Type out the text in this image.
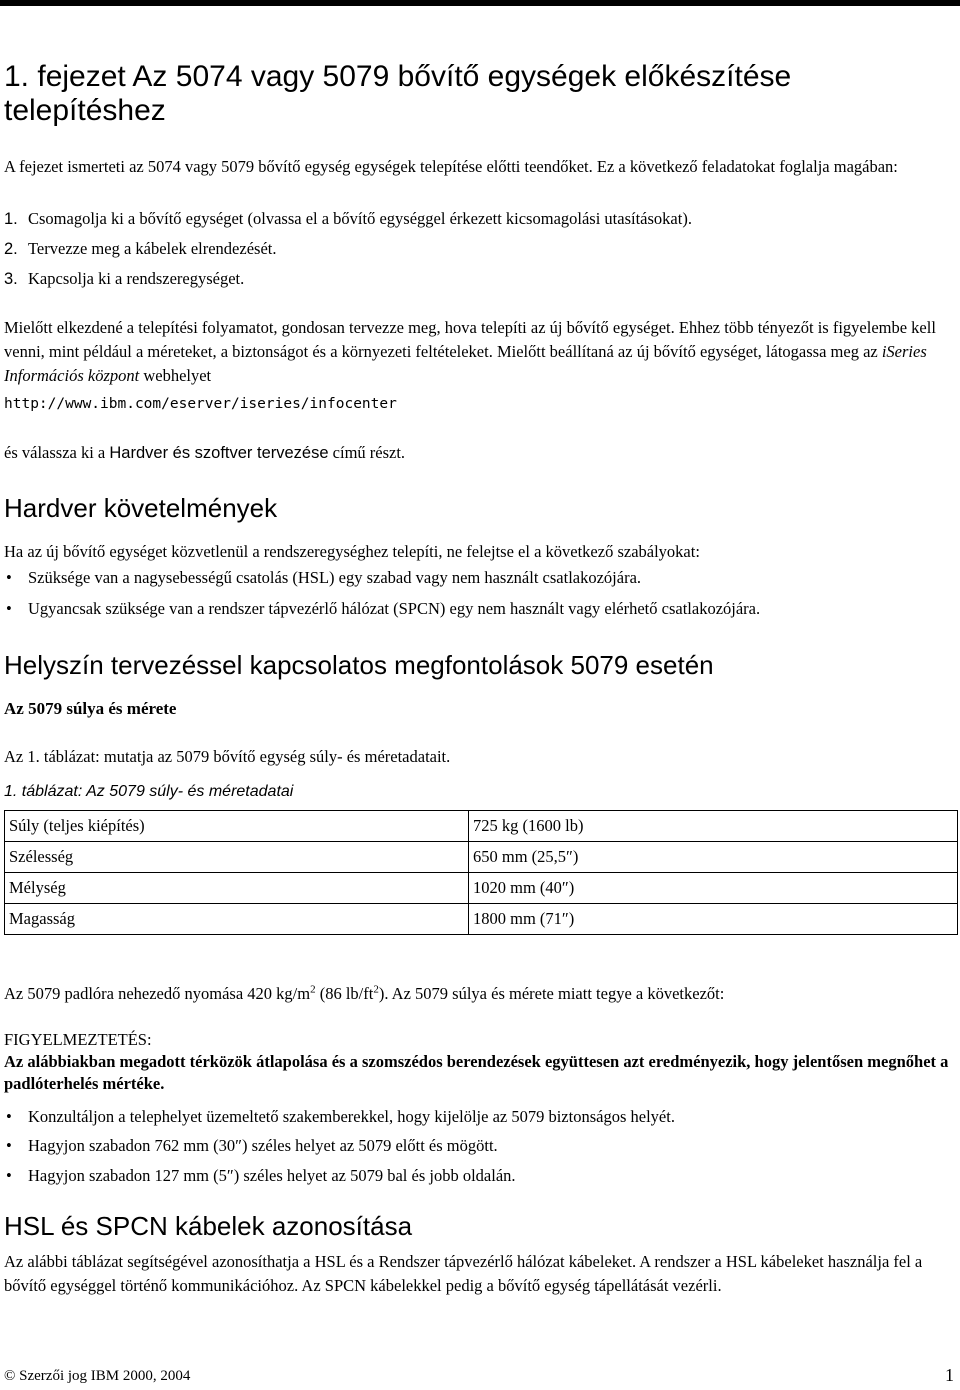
1. fejezet Az 5074 vagy 5079 bővítő egységek előkészítése
telepítéshez
A fejezet ismerteti az 5074 vagy 5079 bővítő egység egységek telepítése előtti teendőket. Ez a következő feladatokat foglalja magában:
1. Csomagolja ki a bővítő egységet (olvassa el a bővítő egységgel érkezett kicsomagolási utasításokat).
2. Tervezze meg a kábelek elrendezését.
3. Kapcsolja ki a rendszeregységet.
Mielőtt elkezdené a telepítési folyamatot, gondosan tervezze meg, hova telepíti az új bővítő egységet. Ehhez több tényezőt is figyelembe kell venni, mint például a méreteket, a biztonságot és a környezeti feltételeket. Mielőtt beállítaná az új bővítő egységet, látogassa meg az iSeries Információs központ webhelyet
http://www.ibm.com/eserver/iseries/infocenter
és válassza ki a Hardver és szoftver tervezése című részt.
Hardver követelmények
Ha az új bővítő egységet közvetlenül a rendszeregységhez telepíti, ne felejtse el a következő szabályokat:
• Szüksége van a nagysebességű csatolás (HSL) egy szabad vagy nem használt csatlakozójára.
• Ugyancsak szüksége van a rendszer tápvezérlő hálózat (SPCN) egy nem használt vagy elérhető csatlakozójára.
Helyszín tervezéssel kapcsolatos megfontolások 5079 esetén
Az 5079 súlya és mérete
Az 1. táblázat: mutatja az 5079 bővítő egység súly- és méretadatait.
1. táblázat: Az 5079 súly- és méretadatai
Súly (teljes kiépítés)	725 kg (1600 lb)
Szélesség	650 mm (25,5″)
Mélység	1020 mm (40″)
Magasság	1800 mm (71″)
Az 5079 padlóra nehezedő nyomása 420 $kg/m^2$ (86 $lb/ft^2$). Az 5079 súlya és mérete miatt tegye a következőt:
FIGYELMEZTETÉS:
Az alábbiakban megadott térközök átlapolása és a szomszédos berendezések együttesen azt eredményezik, hogy jelentősen megnőhet a padlóterhelés mértéke.
• Konzultáljon a telephelyet üzemeltető szakemberekkel, hogy kijelölje az 5079 biztonságos helyét.
• Hagyjon szabadon 762 mm (30″) széles helyet az 5079 előtt és mögött.
• Hagyjon szabadon 127 mm (5″) széles helyet az 5079 bal és jobb oldalán.
HSL és SPCN kábelek azonosítása
Az alábbi táblázat segítségével azonosíthatja a HSL és a Rendszer tápvezérlő hálózat kábeleket. A rendszer a HSL kábeleket használja fel a bővítő egységgel történő kommunikációhoz. Az SPCN kábelekkel pedig a bővítő egység tápellátását vezérli.
© Szerzői jog IBM 2000, 2004	1
